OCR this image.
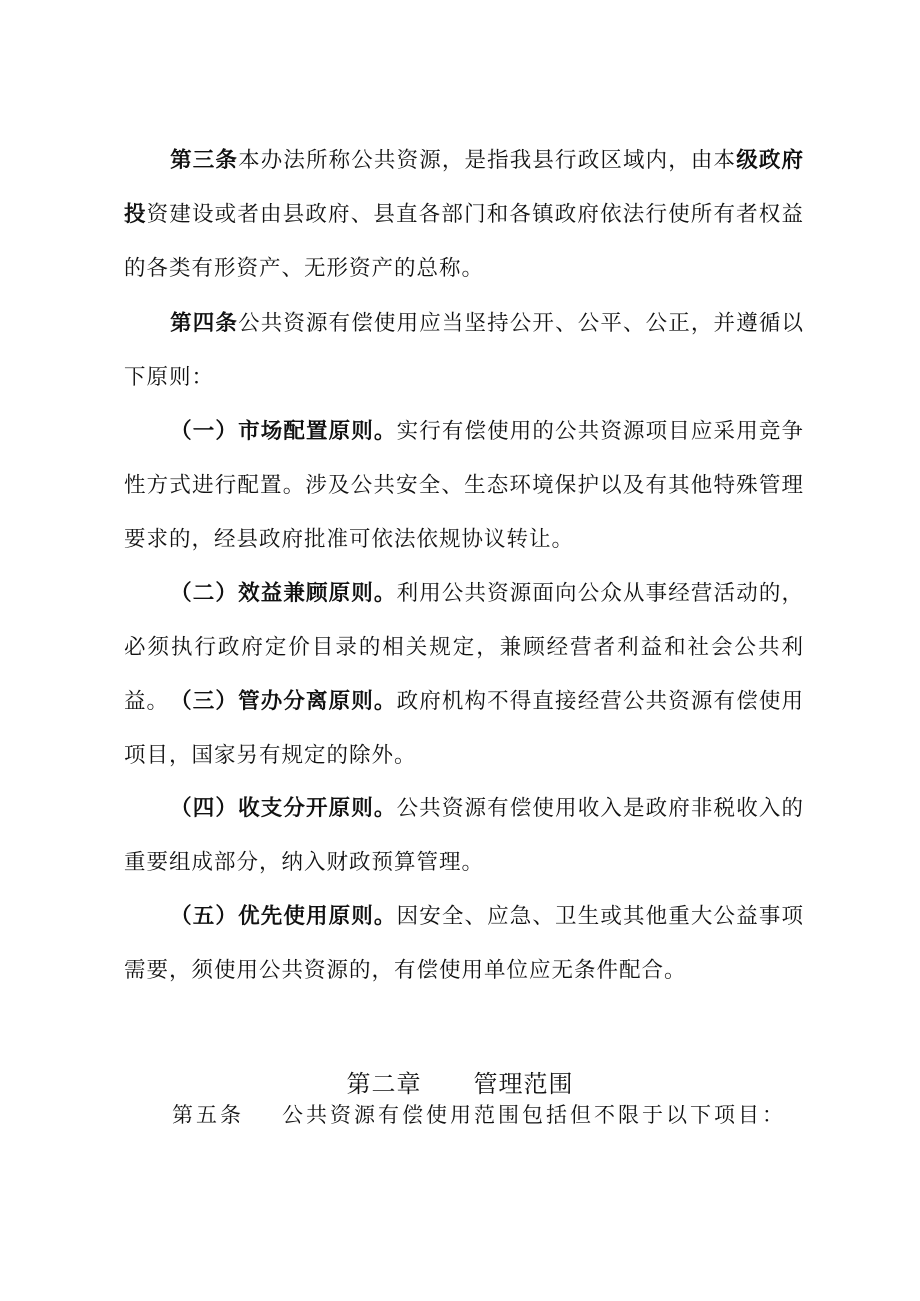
第三条本办法所称公共资源，是指我县行政区域内，由本级政府投资建设或者由县政府、县直各部门和各镇政府依法行使所有者权益的各类有形资产、无形资产的总称。

第四条公共资源有偿使用应当坚持公开、公平、公正，并遵循以下原则：

（一）市场配置原则。实行有偿使用的公共资源项目应采用竞争性方式进行配置。涉及公共安全、生态环境保护以及有其他特殊管理要求的，经县政府批准可依法依规协议转让。

（二）效益兼顾原则。利用公共资源面向公众从事经营活动的，必须执行政府定价目录的相关规定，兼顾经营者利益和社会公共利益。 （三）管办分离原则。政府机构不得直接经营公共资源有偿使用项目，国家另有规定的除外。

（四）收支分开原则。公共资源有偿使用收入是政府非税收入的重要组成部分，纳入财政预算管理。

（五）优先使用原则。因安全、应急、卫生或其他重大公益事项需要，须使用公共资源的，有偿使用单位应无条件配合。

第二章 管理范围
第五条 公共资源有偿使用范围包括但不限于以下项目：
